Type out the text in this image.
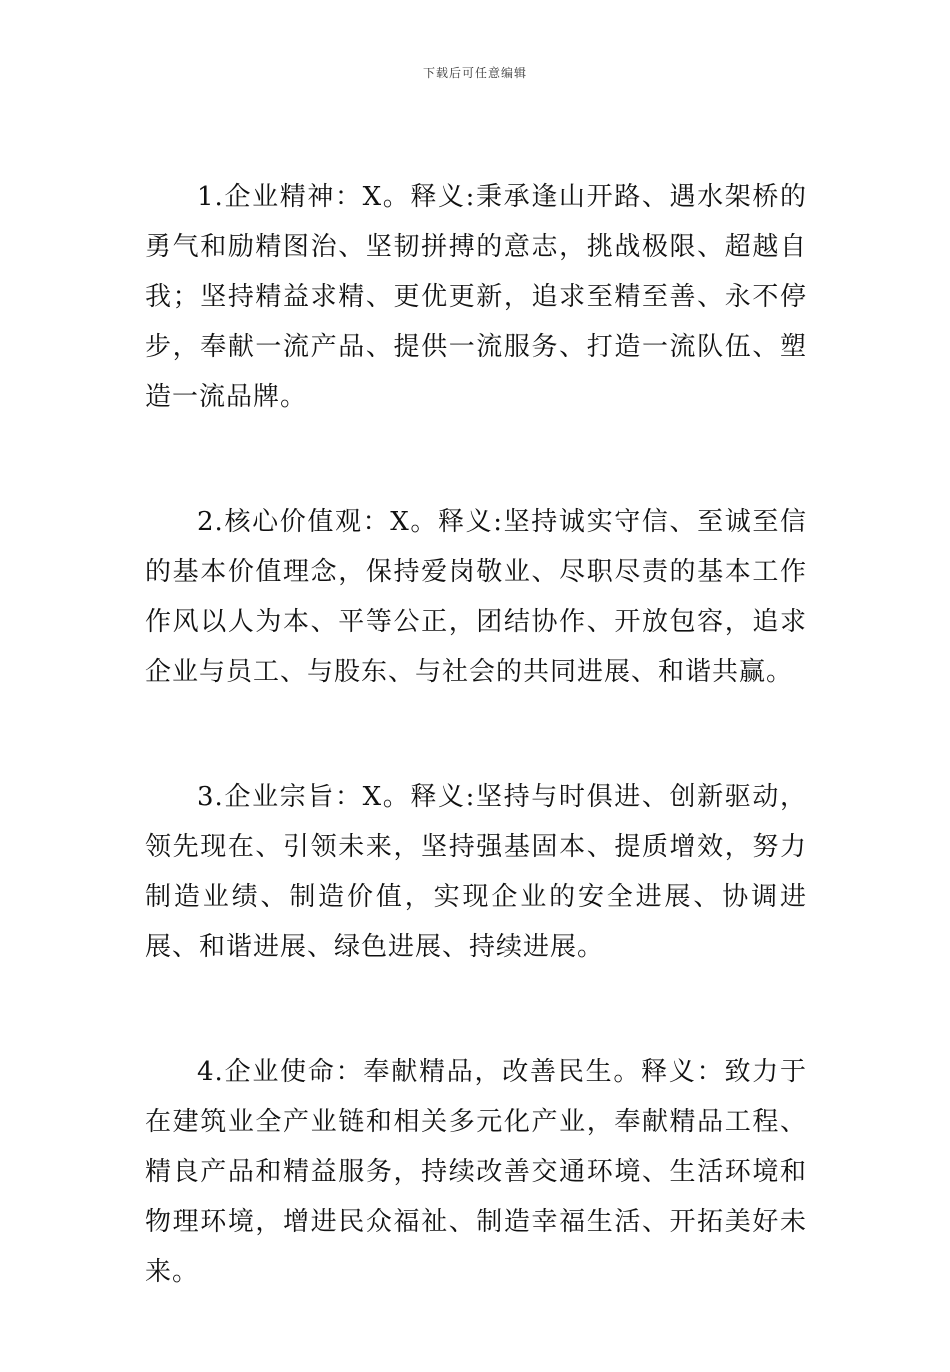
下载后可任意编辑

1.企业精神：X。释义:秉承逢山开路、遇水架桥的勇气和励精图治、坚韧拼搏的意志，挑战极限、超越自我；坚持精益求精、更优更新，追求至精至善、永不停步，奉献一流产品、提供一流服务、打造一流队伍、塑造一流品牌。

2.核心价值观：X。释义:坚持诚实守信、至诚至信的基本价值理念，保持爱岗敬业、尽职尽责的基本工作作风以人为本、平等公正，团结协作、开放包容，追求企业与员工、与股东、与社会的共同进展、和谐共赢。

3.企业宗旨：X。释义:坚持与时俱进、创新驱动，领先现在、引领未来，坚持强基固本、提质增效，努力制造业绩、制造价值，实现企业的安全进展、协调进展、和谐进展、绿色进展、持续进展。

4.企业使命：奉献精品，改善民生。释义：致力于在建筑业全产业链和相关多元化产业，奉献精品工程、精良产品和精益服务，持续改善交通环境、生活环境和物理环境，增进民众福祉、制造幸福生活、开拓美好未来。
